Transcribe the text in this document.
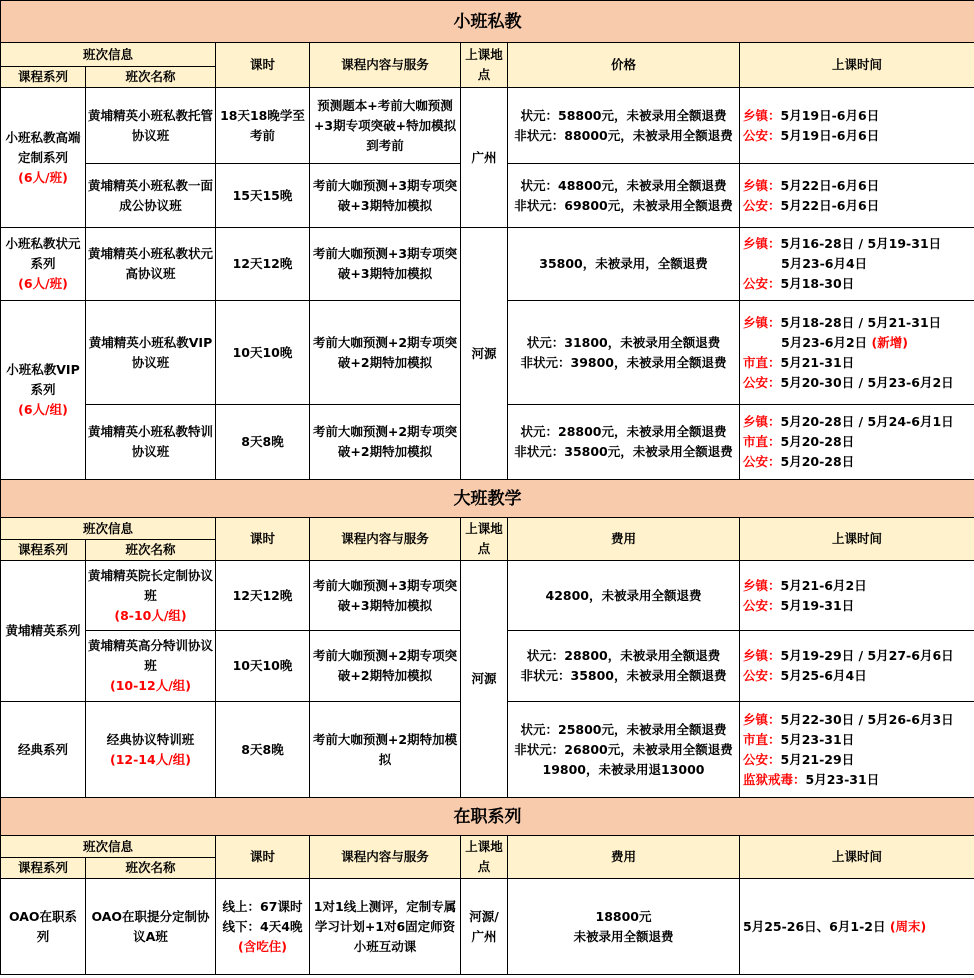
小班私教						
班次信息		课时	课程内容与服务	上课地点	价格	上课时间
课程系列	班次名称					
小班私教高端定制系列
(6人/班)	黄埔精英小班私教托管协议班	18天18晚学至考前	预测题本+考前大咖预测+3期专项突破+特加模拟到考前	广州	状元：58800元，未被录用全额退费
非状元：88000元，未被录用全额退费	乡镇：5月19日-6月6日
公安：5月19日-6月6日

	黄埔精英小班私教一面成公协议班	15天15晚	考前大咖预测+3期专项突破+3期特加模拟		状元：48800元，未被录用全额退费
非状元：69800元，未被录用全额退费	乡镇：5月22日-6月6日
公安：5月22日-6月6日

小班私教状元系列
(6人/班)	黄埔精英小班私教状元高协议班	12天12晚	考前大咖预测+3期专项突破+3期特加模拟	河源	35800，未被录用，全额退费	乡镇：5月16-28日 / 5月19-31日
5月23-6月4日
公安：5月18-30日

小班私教VIP系列
(6人/组)	黄埔精英小班私教VIP协议班	10天10晚	考前大咖预测+2期专项突破+2期特加模拟		状元：31800，未被录用全额退费
非状元：39800，未被录用全额退费	乡镇：5月18-28日 / 5月21-31日
5月23-6月2日 (新增)
市直：5月21-31日
公安：5月20-30日 / 5月23-6月2日

	黄埔精英小班私教特训协议班	8天8晚	考前大咖预测+2期专项突破+2期特加模拟		状元：28800元，未被录用全额退费
非状元：35800元，未被录用全额退费	乡镇：5月20-28日 / 5月24-6月1日
市直：5月20-28日
公安：5月20-28日

大班教学						
班次信息		课时	课程内容与服务	上课地点	费用	上课时间
课程系列	班次名称					
黄埔精英系列	黄埔精英院长定制协议班
(8-10人/组)	12天12晚	考前大咖预测+3期专项突破+3期特加模拟	河源	42800，未被录用全额退费	乡镇：5月21-6月2日
公安：5月19-31日

	黄埔精英高分特训协议班
(10-12人/组)	10天10晚	考前大咖预测+2期专项突破+2期特加模拟		状元：28800，未被录用全额退费
非状元：35800，未被录用全额退费	乡镇：5月19-29日 / 5月27-6月6日
公安：5月25-6月4日

经典系列	经典协议特训班
(12-14人/组)	8天8晚	考前大咖预测+2期特加模拟		状元：25800元，未被录用全额退费
非状元：26800元，未被录用全额退费
19800，未被录用退13000	乡镇：5月22-30日 / 5月26-6月3日
市直：5月23-31日
公安：5月21-29日
监狱戒毒：5月23-31日

在职系列						
班次信息		课时	课程内容与服务	上课地点	费用	上课时间
课程系列	班次名称					
OAO在职系列	OAO在职提分定制协议A班	线上：67课时
线下：4天4晚
(含吃住)	1对1线上测评，定制专属学习计划+1对6固定师资小班互动课	河源/广州	18800元
未被录用全额退费	5月25-26日、6月1-2日 (周末)
